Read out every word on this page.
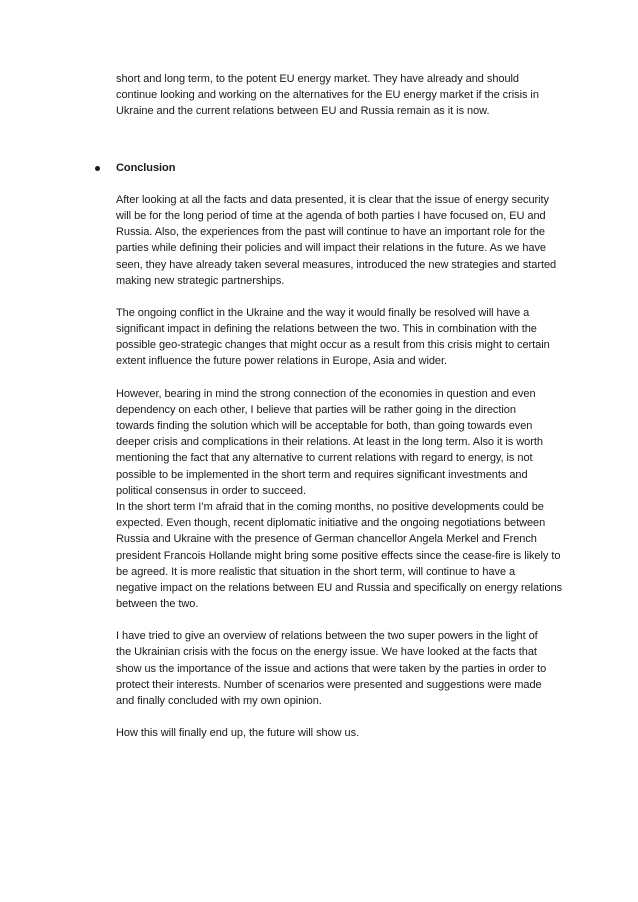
short and long term, to the potent EU energy market. They have already and should
continue looking and working on the alternatives for the EU energy market if the crisis in
Ukraine and the current relations between EU and Russia remain as it is now.

Conclusion

After looking at all the facts and data presented, it is clear that the issue of energy security
will be for the long period of time at the agenda of both parties I have focused on, EU and
Russia. Also, the experiences from the past will continue to have an important role for the
parties while defining their policies and will impact their relations in the future. As we have
seen, they have already taken several measures, introduced the new strategies and started
making new strategic partnerships.

The ongoing conflict in the Ukraine and the way it would finally be resolved will have a
significant impact in defining the relations between the two. This in combination with the
possible geo-strategic changes that might occur as a result from this crisis might to certain
extent influence the future power relations in Europe, Asia and wider.

However, bearing in mind the strong connection of the economies in question and even
dependency on each other, I believe that parties will be rather going in the direction
towards finding the solution which will be acceptable for both, than going towards even
deeper crisis and complications in their relations. At least in the long term. Also it is worth
mentioning the fact that any alternative to current relations with regard to energy, is not
possible to be implemented in the short term and requires significant investments and
political consensus in order to succeed.
In the short term I’m afraid that in the coming months, no positive developments could be
expected. Even though, recent diplomatic initiative and the ongoing negotiations between
Russia and Ukraine with the presence of German chancellor Angela Merkel and French
president Francois Hollande might bring some positive effects since the cease-fire is likely to
be agreed. It is more realistic that situation in the short term, will continue to have a
negative impact on the relations between EU and Russia and specifically on energy relations
between the two.

I have tried to give an overview of relations between the two super powers in the light of
the Ukrainian crisis with the focus on the energy issue. We have looked at the facts that
show us the importance of the issue and actions that were taken by the parties in order to
protect their interests. Number of scenarios were presented and suggestions were made
and finally concluded with my own opinion.

How this will finally end up, the future will show us.
